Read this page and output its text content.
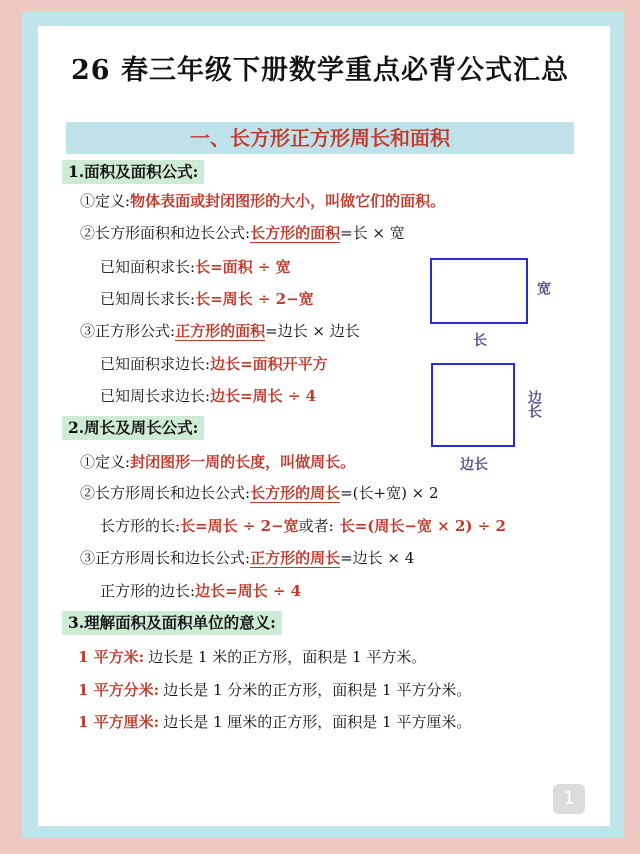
26 春三年级下册数学重点必背公式汇总
一、长方形正方形周长和面积
1.面积及面积公式:
①定义:物体表面或封闭图形的大小，叫做它们的面积。
②长方形面积和边长公式:长方形的面积=长 × 宽
已知面积求长:长=面积 ÷ 宽
已知周长求长:长=周长 ÷ 2−宽
③正方形公式:正方形的面积=边长 × 边长
已知面积求边长:边长=面积开平方
已知周长求边长:边长=周长 ÷ 4
长
宽
边长
边长
2.周长及周长公式:
①定义:封闭图形一周的长度，叫做周长。
②长方形周长和边长公式:长方形的周长=(长+宽) × 2
长方形的长:长=周长 ÷ 2−宽或者: 长=(周长−宽 × 2) ÷ 2
③正方形周长和边长公式:正方形的周长=边长 × 4
正方形的边长:边长=周长 ÷ 4
3.理解面积及面积单位的意义:
1 平方米: 边长是 1 米的正方形，面积是 1 平方米。
1 平方分米: 边长是 1 分米的正方形，面积是 1 平方分米。
1 平方厘米: 边长是 1 厘米的正方形，面积是 1 平方厘米。
1
